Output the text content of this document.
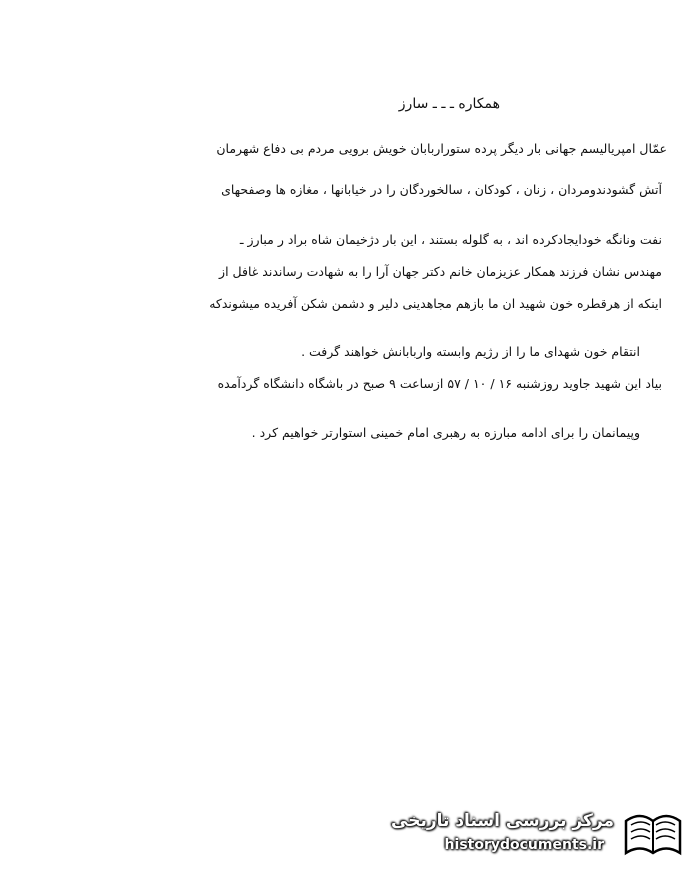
همکاره ـ ـ ـ سارز
عمّال امپریالیسم جهانی بار دیگر پرده ستوراربابان خویش برویی مردم بی دفاع شهرمان
آتش گشودندومردان ، زنان ، کودکان ، سالخوردگان را در خیابانها ، مغازه ها وصفحهای
نفت ونانگه خودایجادکرده اند ، به گلوله بستند ، این بار دژخیمان شاه براد ر مبارز ـ
مهندس نشان فرزند همکار عزیزمان خانم دکتر جهان آرا را به شهادت رساندند غافل از
اینکه از هرقطره خون شهید ان ما بازهم مجاهدینی دلیر و دشمن شکن آفریده میشوندکه
انتقام خون شهدای ما را از رژیم وابسته واربابانش خواهند گرفت .
بیاد این شهید جاوید روزشنبه ۱۶ / ۱۰ / ۵۷ ازساعت ۹ صبح در باشگاه دانشگاه گردآمده
وپیمانمان را برای ادامه مبارزه به رهبری امام خمینی استوارتر خواهیم کرد .
مرکز بررسی اسناد تاریخی
historydocuments.ir
